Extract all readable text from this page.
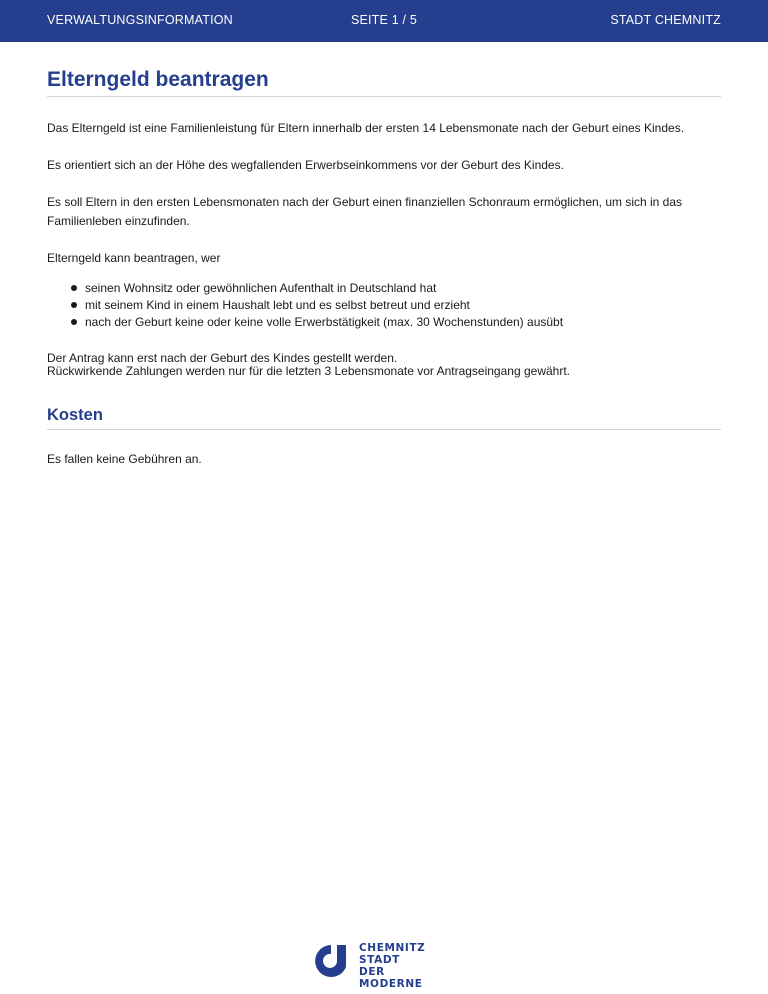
VERWALTUNGSINFORMATION	SEITE 1 / 5	STADT CHEMNITZ
Elterngeld beantragen

Das Elterngeld ist eine Familienleistung für Eltern innerhalb der ersten 14 Lebensmonate nach der Geburt eines Kindes.

Es orientiert sich an der Höhe des wegfallenden Erwerbseinkommens vor der Geburt des Kindes.

Es soll Eltern in den ersten Lebensmonaten nach der Geburt einen finanziellen Schonraum ermöglichen, um sich in das Familienleben einzufinden.

Elterngeld kann beantragen, wer

seinen Wohnsitz oder gewöhnlichen Aufenthalt in Deutschland hat
mit seinem Kind in einem Haushalt lebt und es selbst betreut und erzieht
nach der Geburt keine oder keine volle Erwerbstätigkeit (max. 30 Wochenstunden) ausübt

Der Antrag kann erst nach der Geburt des Kindes gestellt werden.
Rückwirkende Zahlungen werden nur für die letzten 3 Lebensmonate vor Antragseingang gewährt.

Kosten

Es fallen keine Gebühren an.

CHEMNITZ
STADT DER
MODERNE
